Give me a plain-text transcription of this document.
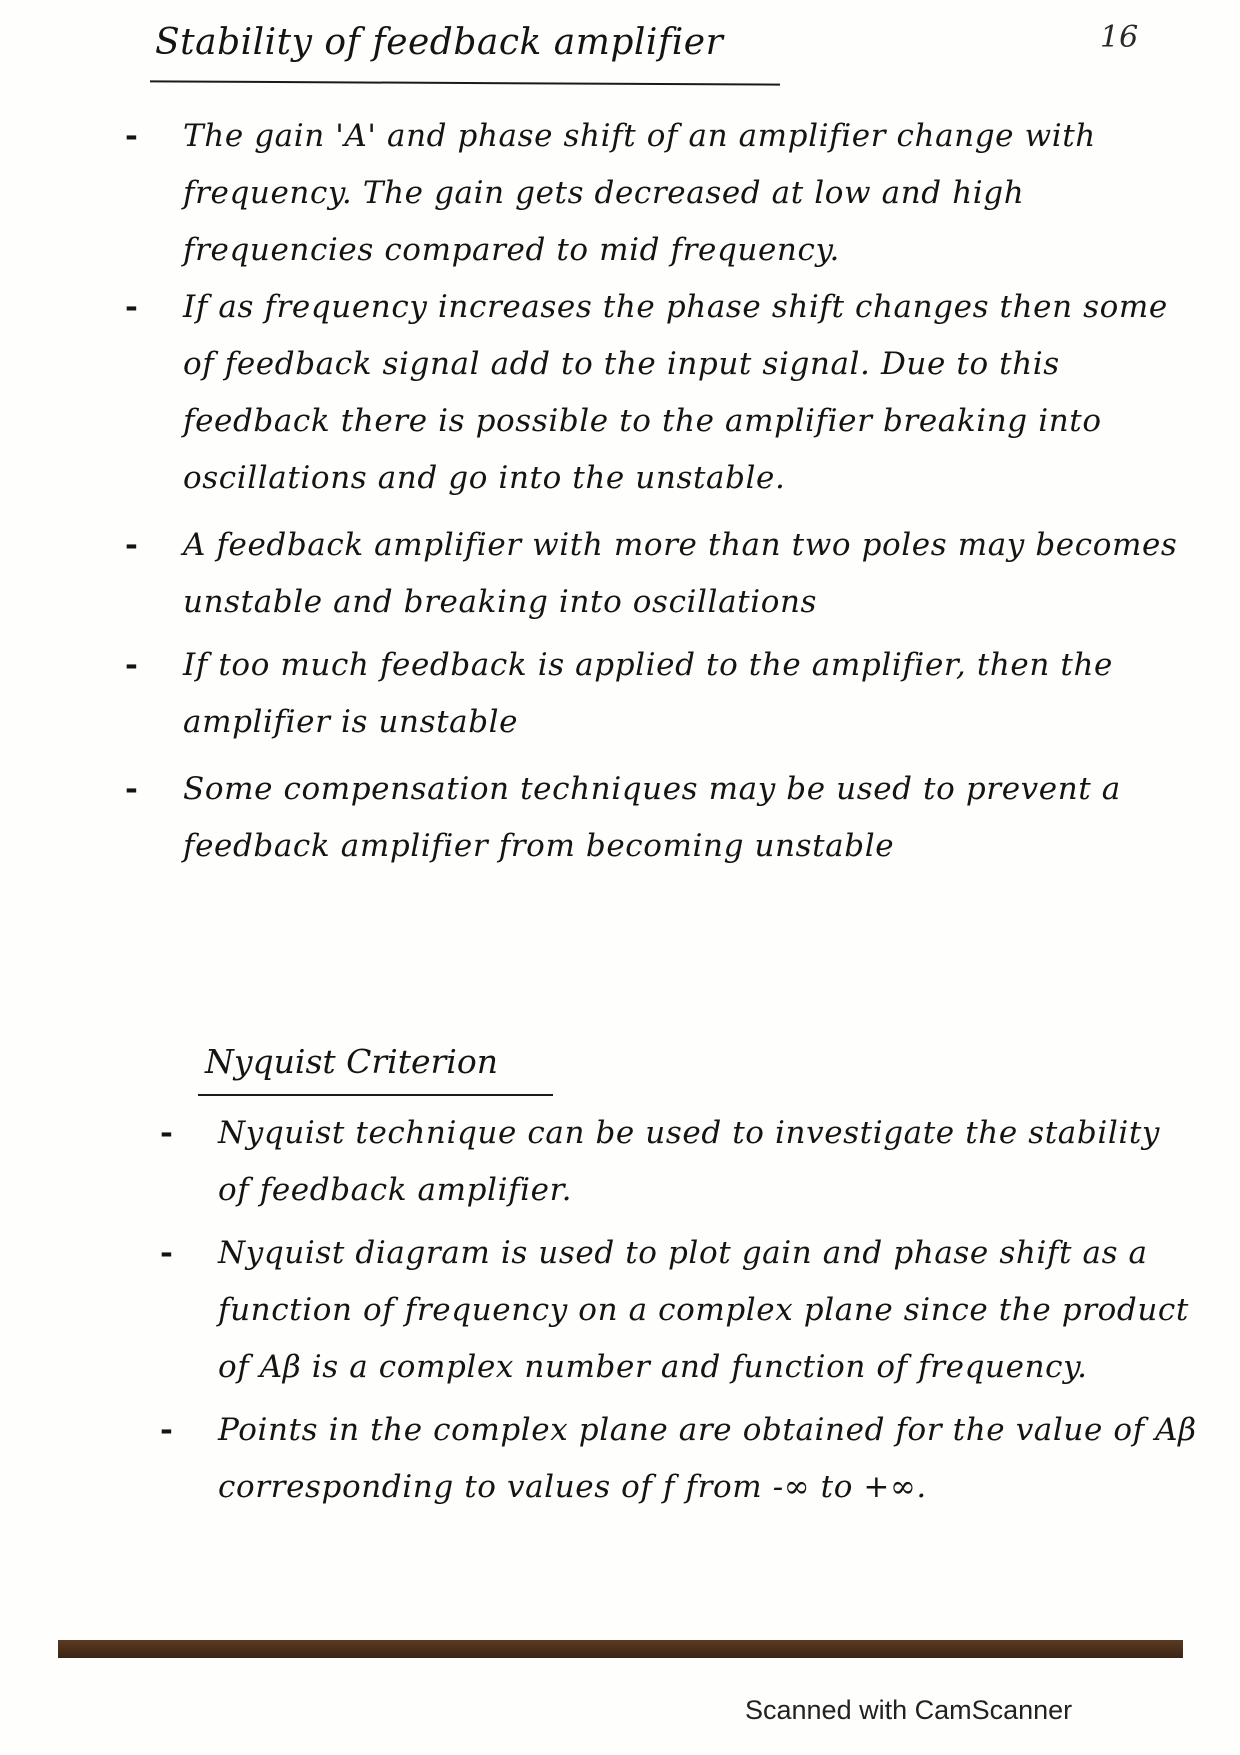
16
Stability of feedback amplifier
- The gain 'A' and phase shift of an amplifier change with frequency. The gain gets decreased at low and high frequencies compared to mid frequency.
- If as frequency increases the phase shift changes then some of feedback signal add to the input signal. Due to this feedback there is possible to the amplifier breaking into oscillations and go into the unstable.
- A feedback amplifier with more than two poles may becomes unstable and breaking into oscillations
- If too much feedback is applied to the amplifier, then the amplifier is unstable
- Some compensation techniques may be used to prevent a feedback amplifier from becoming unstable
Nyquist Criterion
- Nyquist technique can be used to investigate the stability of feedback amplifier.
- Nyquist diagram is used to plot gain and phase shift as a function of frequency on a complex plane since the product of Aβ is a complex number and function of frequency.
- Points in the complex plane are obtained for the value of Aβ corresponding to values of f from -∞ to +∞.
Scanned with CamScanner
